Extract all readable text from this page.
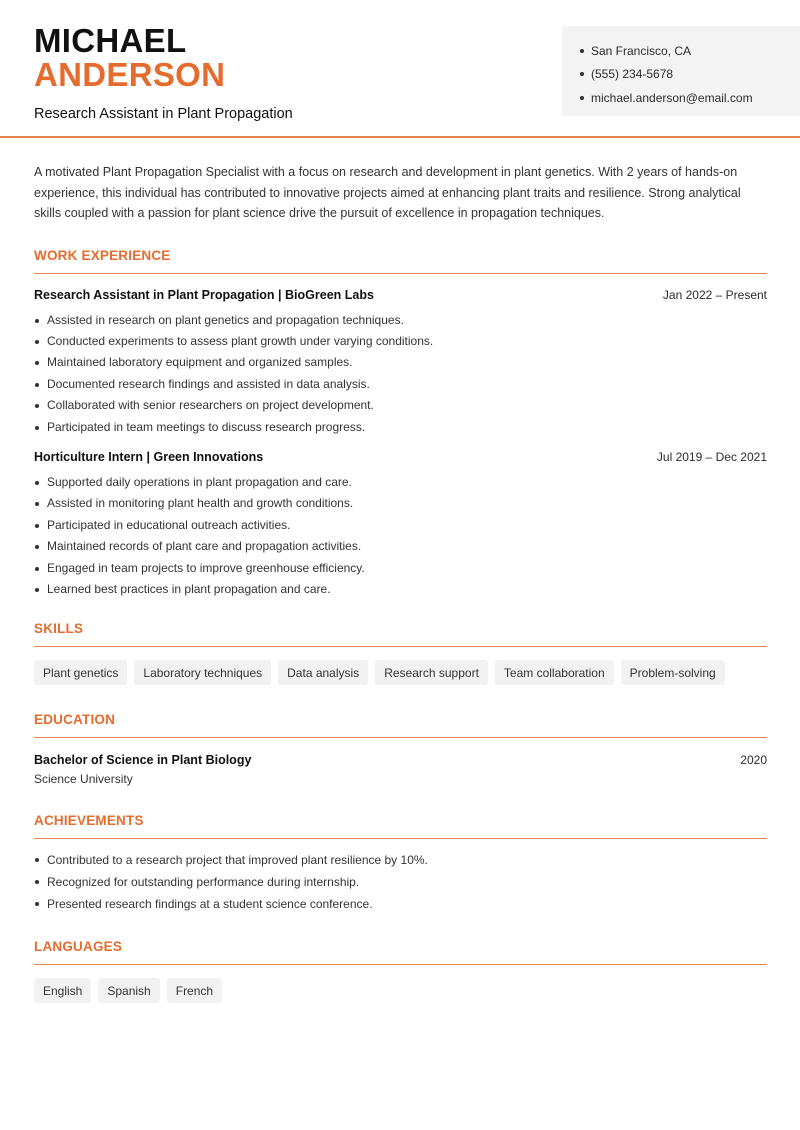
MICHAEL
ANDERSON
Research Assistant in Plant Propagation
San Francisco, CA
(555) 234-5678
michael.anderson@email.com

A motivated Plant Propagation Specialist with a focus on research and development in plant genetics. With 2 years of hands-on experience, this individual has contributed to innovative projects aimed at enhancing plant traits and resilience. Strong analytical skills coupled with a passion for plant science drive the pursuit of excellence in propagation techniques.

WORK EXPERIENCE
Research Assistant in Plant Propagation | BioGreen Labs	Jan 2022 – Present
Assisted in research on plant genetics and propagation techniques.
Conducted experiments to assess plant growth under varying conditions.
Maintained laboratory equipment and organized samples.
Documented research findings and assisted in data analysis.
Collaborated with senior researchers on project development.
Participated in team meetings to discuss research progress.
Horticulture Intern | Green Innovations	Jul 2019 – Dec 2021
Supported daily operations in plant propagation and care.
Assisted in monitoring plant health and growth conditions.
Participated in educational outreach activities.
Maintained records of plant care and propagation activities.
Engaged in team projects to improve greenhouse efficiency.
Learned best practices in plant propagation and care.
SKILLS
Plant genetics	Laboratory techniques	Data analysis	Research support	Team collaboration	Problem-solving
EDUCATION
Bachelor of Science in Plant Biology	2020
Science University
ACHIEVEMENTS
Contributed to a research project that improved plant resilience by 10%.
Recognized for outstanding performance during internship.
Presented research findings at a student science conference.
LANGUAGES
English	Spanish	French
